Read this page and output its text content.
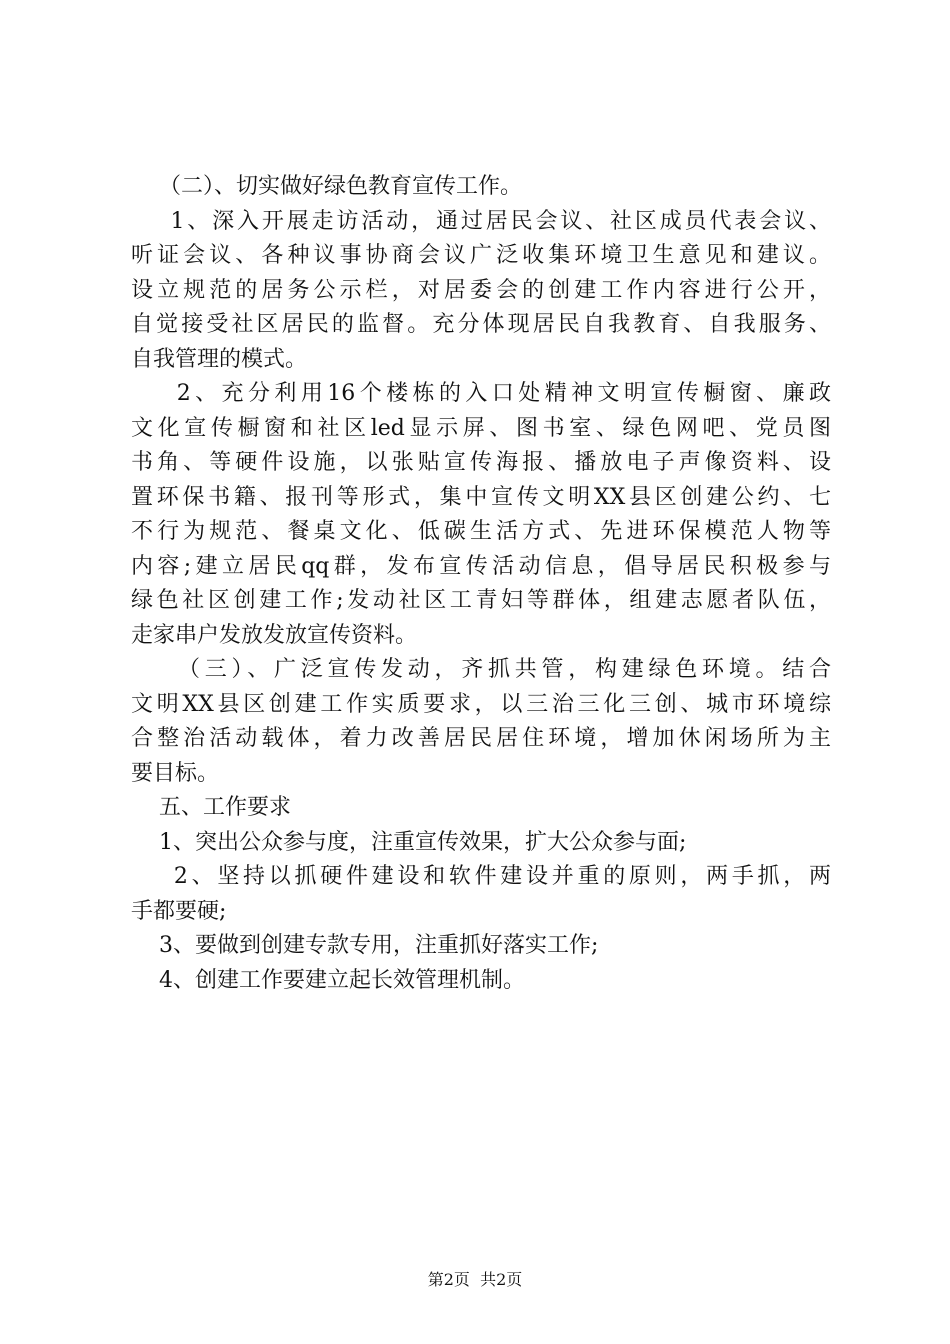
（二）、切实做好绿色教育宣传工作。
1、深入开展走访活动，通过居民会议、社区成员代表会议、
听证会议、各种议事协商会议广泛收集环境卫生意见和建议。
设立规范的居务公示栏，对居委会的创建工作内容进行公开，
自觉接受社区居民的监督。充分体现居民自我教育、自我服务、
自我管理的模式。
2、充分利用16个楼栋的入口处精神文明宣传橱窗、廉政
文化宣传橱窗和社区led显示屏、图书室、绿色网吧、党员图
书角、等硬件设施，以张贴宣传海报、播放电子声像资料、设
置环保书籍、报刊等形式，集中宣传文明XX县区创建公约、七
不行为规范、餐桌文化、低碳生活方式、先进环保模范人物等
内容;建立居民qq群，发布宣传活动信息，倡导居民积极参与
绿色社区创建工作;发动社区工青妇等群体，组建志愿者队伍，
走家串户发放发放宣传资料。
（三）、广泛宣传发动，齐抓共管，构建绿色环境。结合
文明XX县区创建工作实质要求，以三治三化三创、城市环境综
合整治活动载体，着力改善居民居住环境，增加休闲场所为主
要目标。
五、工作要求
1、突出公众参与度，注重宣传效果，扩大公众参与面;
2、坚持以抓硬件建设和软件建设并重的原则，两手抓，两
手都要硬;
3、要做到创建专款专用，注重抓好落实工作;
4、创建工作要建立起长效管理机制。
第2页  共2页
